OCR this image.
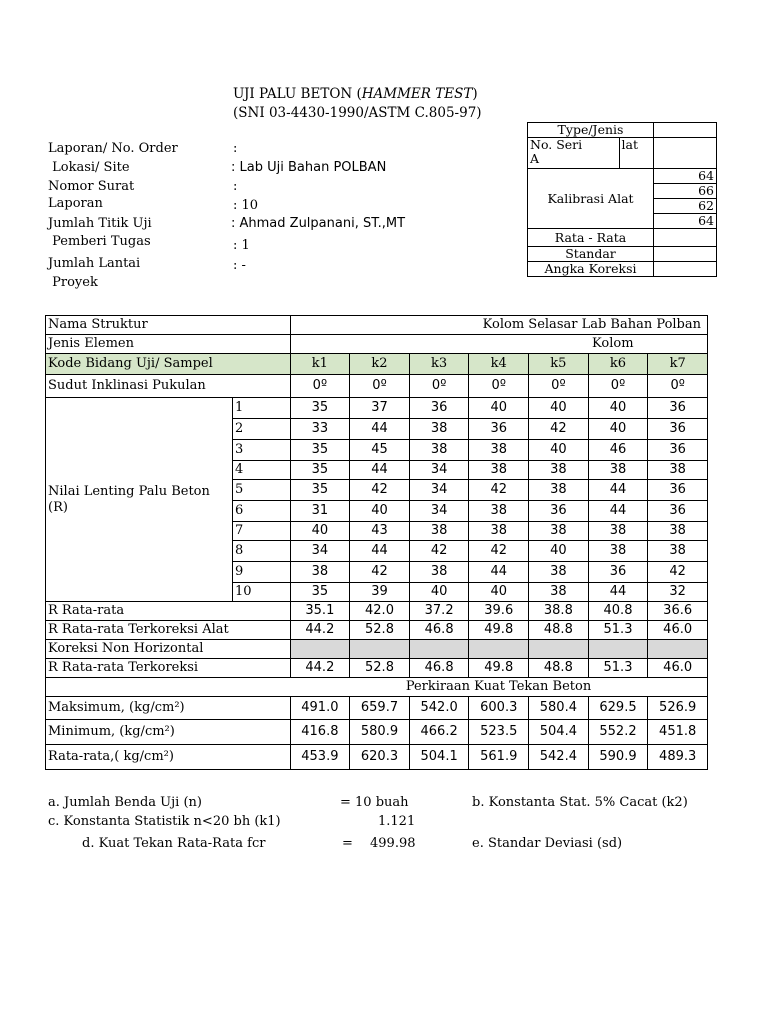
UJI PALU BETON (HAMMER TEST)
(SNI 03-4430-1990/ASTM C.805-97)
Laporan/ No. Order	:
Lokasi/ Site	: Lab Uji Bahan POLBAN
Nomor Surat	:
Laporan	: 10
Jumlah Titik Uji	: Ahmad Zulpanani, ST.,MT
Pemberi Tugas	: 1
Jumlah Lantai	: -
Proyek
Type/Jenis		
No. Seri
A	lat	
Kalibrasi Alat		64
		66
		62
		64
Rata - Rata		
Standar		
Angka Koreksi		
Nama Struktur		Kolom Selasar Lab Bahan Polban						
Jenis Elemen		Kolom						
Kode Bidang Uji/ Sampel		k1	k2	k3	k4	k5	k6	k7
Sudut Inklinasi Pukulan		0º	0º	0º	0º	0º	0º	0º
Nilai Lenting Palu Beton (R)	1	35	37	36	40	40	40	36
	2	33	44	38	36	42	40	36
	3	35	45	38	38	40	46	36
	4	35	44	34	38	38	38	38
	5	35	42	34	42	38	44	36
	6	31	40	34	38	36	44	36
	7	40	43	38	38	38	38	38
	8	34	44	42	42	40	38	38
	9	38	42	38	44	38	36	42
	10	35	39	40	40	38	44	32
R Rata-rata		35.1	42.0	37.2	39.6	38.8	40.8	36.6
R Rata-rata Terkoreksi Alat		44.2	52.8	46.8	49.8	48.8	51.3	46.0
Koreksi Non Horizontal								
R Rata-rata Terkoreksi		44.2	52.8	46.8	49.8	48.8	51.3	46.0
		Perkiraan Kuat Tekan Beton						
Maksimum, (kg/cm²)		491.0	659.7	542.0	600.3	580.4	629.5	526.9
Minimum, (kg/cm²)		416.8	580.9	466.2	523.5	504.4	552.2	451.8
Rata-rata,( kg/cm²)		453.9	620.3	504.1	561.9	542.4	590.9	489.3
a. Jumlah Benda Uji (n)	= 10 buah	b. Konstanta Stat. 5% Cacat (k2)
c. Konstanta Statistik n<20 bh (k1)	1.121
d. Kuat Tekan Rata-Rata fcr	= 499.98	e. Standar Deviasi (sd)
